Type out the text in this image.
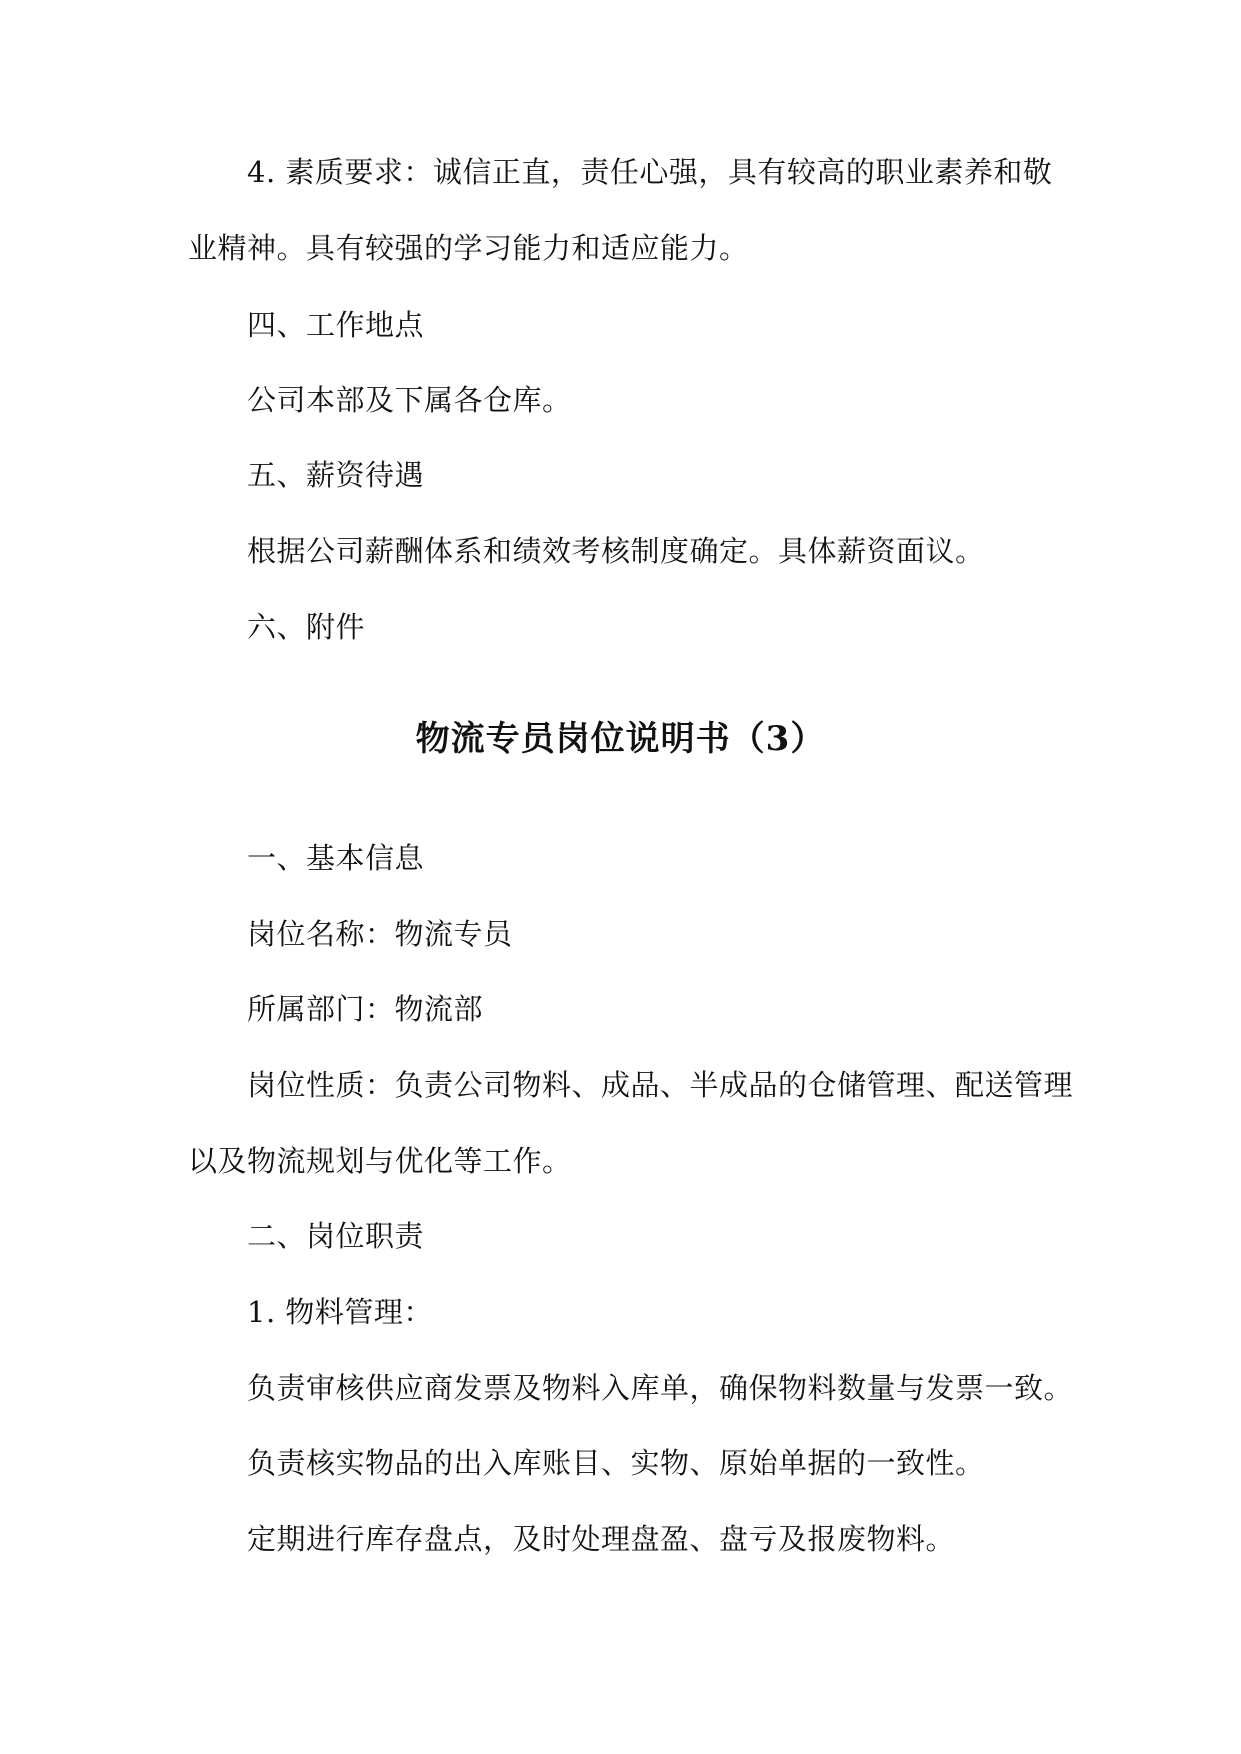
4. 素质要求：诚信正直，责任心强，具有较高的职业素养和敬
业精神。具有较强的学习能力和适应能力。
四、工作地点
公司本部及下属各仓库。
五、薪资待遇
根据公司薪酬体系和绩效考核制度确定。具体薪资面议。
六、附件
物流专员岗位说明书（3）
一、基本信息
岗位名称：物流专员
所属部门：物流部
岗位性质：负责公司物料、成品、半成品的仓储管理、配送管理
以及物流规划与优化等工作。
二、岗位职责
1. 物料管理：
负责审核供应商发票及物料入库单，确保物料数量与发票一致。
负责核实物品的出入库账目、实物、原始单据的一致性。
定期进行库存盘点，及时处理盘盈、盘亏及报废物料。
